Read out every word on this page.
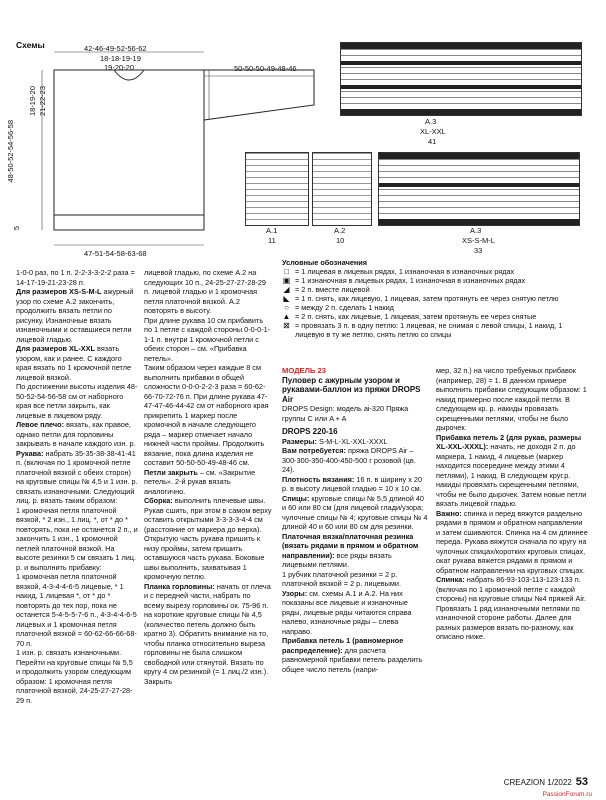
Схемы	42-46-49-52-56-62
18-18-19-19
19-20-20	50-50-50-49-48-46
18-19-20 21-22-23
48-50-52-54-56-58
5
47-51-54-58-63-68
A.3
XL-XXL
41
A.1
11
A.2
10
A.3
XS-S-M-L
33

1-0-0 раз, по 1 п. 2-2-3-3-2-2 раза = 14-17-19-21-23-28 п.

Для размеров XS-S-M-L ажурный узор по схеме A.2 закончить, продолжить вязать петли по рисунку. Изнаночные вязать изнаночными и оставшиеся петли лицевой гладью.

Для размеров XL-XXL вязать узором, как и ранее. С каждого края вязать по 1 кромочной петле лицевой вязкой.

По достижении высоты изделия 48-50-52-54-56-58 см от наборного края все петли закрыть, как лицевые в лицевом ряду.

Левое плечо: вязать, как правое, однако петли для горловины закрывать в начале каждого изн. р.

Рукава: набрать 35-35-38-38-41-41 п. (включая по 1 кромочной петле платочной вязкой с обеих сторон) на круговые спицы № 4,5 и 1 изн. р. связать изнаночными. Следующий лиц. р. вязать таким образом:

1 кромочная петля платочной вязкой, * 2 изн., 1 лиц. *, от * до * повторять, пока не останется 2 п., и закончить 1 изн., 1 кромочной петлей платочной вязкой. На высоте резинки 5 см связать 1 лиц. р. и выполнить прибавку:

1 кромочная петля платочной вязкой, 4-3-4-4-6-5 лицевые, * 1 накид, 1 лицевая *, от * до * повторять до тех пор, пока не останется 5-4-5-5-7-6 п., 4-3-4-4-6-5 лицевых и 1 кромочная петля платочной вязкой = 60-62-66-66-68-70 п.

1 изн. р. связать изнаночными. Перейти на круговые спицы № 5,5 и продолжить узором следующим образом: 1 кромочная петля платочной вязкой, 24-25-27-27-28-29 п.

лицевой гладью, по схеме A.2 на следующих 10 п., 24-25-27-27-28-29 п. лицевой гладью и 1 кромочная петля платочной вязкой. A.2 повторять в высоту.

При длине рукава 10 см прибавить по 1 петле с каждой стороны 0-0-0-1-1-1 п. внутри 1 кромочной петли с обеих сторон – см. «Прибавка петель».

Таким образом через каждые 8 см выполнить прибавки в общей сложности 0-0-0-2-2-3 раза = 60-62-66-70-72-76 п. При длине рукава 47-47-47-46-44-42 см от наборного края прикрепить 1 маркер после кромочной в начале следующего ряда – маркер отмечает начало нижней части проймы. Продолжить вязание, пока длина изделия не составит 50-50-50-49-48-46 см.

Петли закрыть – см. «Закрытие петель». 2-й рукав вязать аналогично.

Сборка: выполнить плечевые швы. Рукав сшить, при этом в самом верху оставить открытыми 3-3-3-3-4-4 см (расстояние от маркера до верха). Открытую часть рукава пришить к низу проймы, затем пришить оставшуюся часть рукава. Боковые швы выполнить, захватывая 1 кромочную петлю.

Планка горловины: начать от плеча и с передней части, набрать по всему вырезу горловины ок. 75-96 п. на короткие круговые спицы № 4,5 (количество петель должно быть кратно 3). Обратить внимание на то, чтобы планка относительно выреза горловины не была слишком свободной или стянутой. Вязать по кругу 4 см резинкой (= 1 лиц./2 изн.). Закрыть

Условные обозначения
□ = 1 лицевая в лицевых рядах, 1 изнаночная в изнаночных рядах
▣ = 1 изнаночная в лицевых рядах, 1 изнаночная в изнаночных рядах
◢ = 2 п. вместе лицевой
◣ = 1 п. снять, как лицевую, 1 лицевая, затем протянуть ее через снятую петлю
○ = между 2 п. сделать 1 накид
▲ = 2 п. снять, как лицевые, 1 лицевая, затем протянуть ее через снятые
⊠ = провязать 3 п. в одну петлю: 1 лицевая, не снимая с левой спицы, 1 накид, 1 лицевую в ту же петлю, снять петлю со спицы
МОДЕЛЬ 23
Пуловер с ажурным узором и рукавами-баллон из пряжи DROPS Air
DROPS Design: модель ai-320 Пряжа группы C или A + A
DROPS 220-16

Размеры: S-M-L-XL-XXL-XXXL

Вам потребуется: пряжа DROPS Air – 300-300-350-400-450-500 г розовой (цв. 24).

Плотность вязания: 16 п. в ширину x 20 р. в высоту лицевой гладью = 10 x 10 см.

Спицы: круговые спицы № 5,5 длиной 40 и 60 или 80 см (для лицевой глади/узора; чулочные спицы № 4; круговые спицы № 4 длиной 40 и 60 или 80 см для резинки.

Платочная вязка/платочная резинка (вязать рядами в прямом и обратном направлении): все ряды вязать лицевыми петлями.

1 рубчик платочной резинки = 2 р. платочной вязкой = 2 р. лицевыми.

Узоры: см. схемы A.1 и A.2. На них показаны все лицевые и изнаночные ряды, лицевые ряды читаются справа налево, изнаночные ряды – слева направо.

Прибавка петель 1 (равномерное распределение): для расчета равномерной прибавки петель разделить общее число петель (напри-

мер, 32 п.) на число требуемых прибавок (например, 28) = 1. В данном примере выполнить прибавки следующим образом: 1 накид примерно после каждой петли. В следующем кр. р. накиды провязать скрещенными петлями, чтобы не было дырочек.

Прибавка петель 2 (для рукав, размеры XL-XXL-XXXL): начать, не доходя 2 п. до маркера, 1 накид, 4 лицевые (маркер находится посередине между этими 4 петлями), 1 накид. В следующем круг.р. накиды провязать скрещенными петлями, чтобы не было дырочек. Затем новые петли вязать лицевой гладью.

Важно: спинка и перед вяжутся раздельно рядами в прямом и обратном направлении и затем сшиваются. Спинка на 4 см длиннее переда. Рукава вяжутся сначала по кругу на чулочных спицах/коротких круговых спицах, окат рукава вяжется рядами в прямом и обратном направлении на круговых спицах.

Спинка: набрать 86-93-103-113-123-133 п. (включая по 1 кромочной петле с каждой стороны) на круговые спицы №4 пряжей Air. Провязать 1 ряд изнаночными петлями по изнаночной стороне работы. Далее для разных размеров вязать по-разному, как описано ниже.

CREAZION 1/2022 53
PassionForum.ru
